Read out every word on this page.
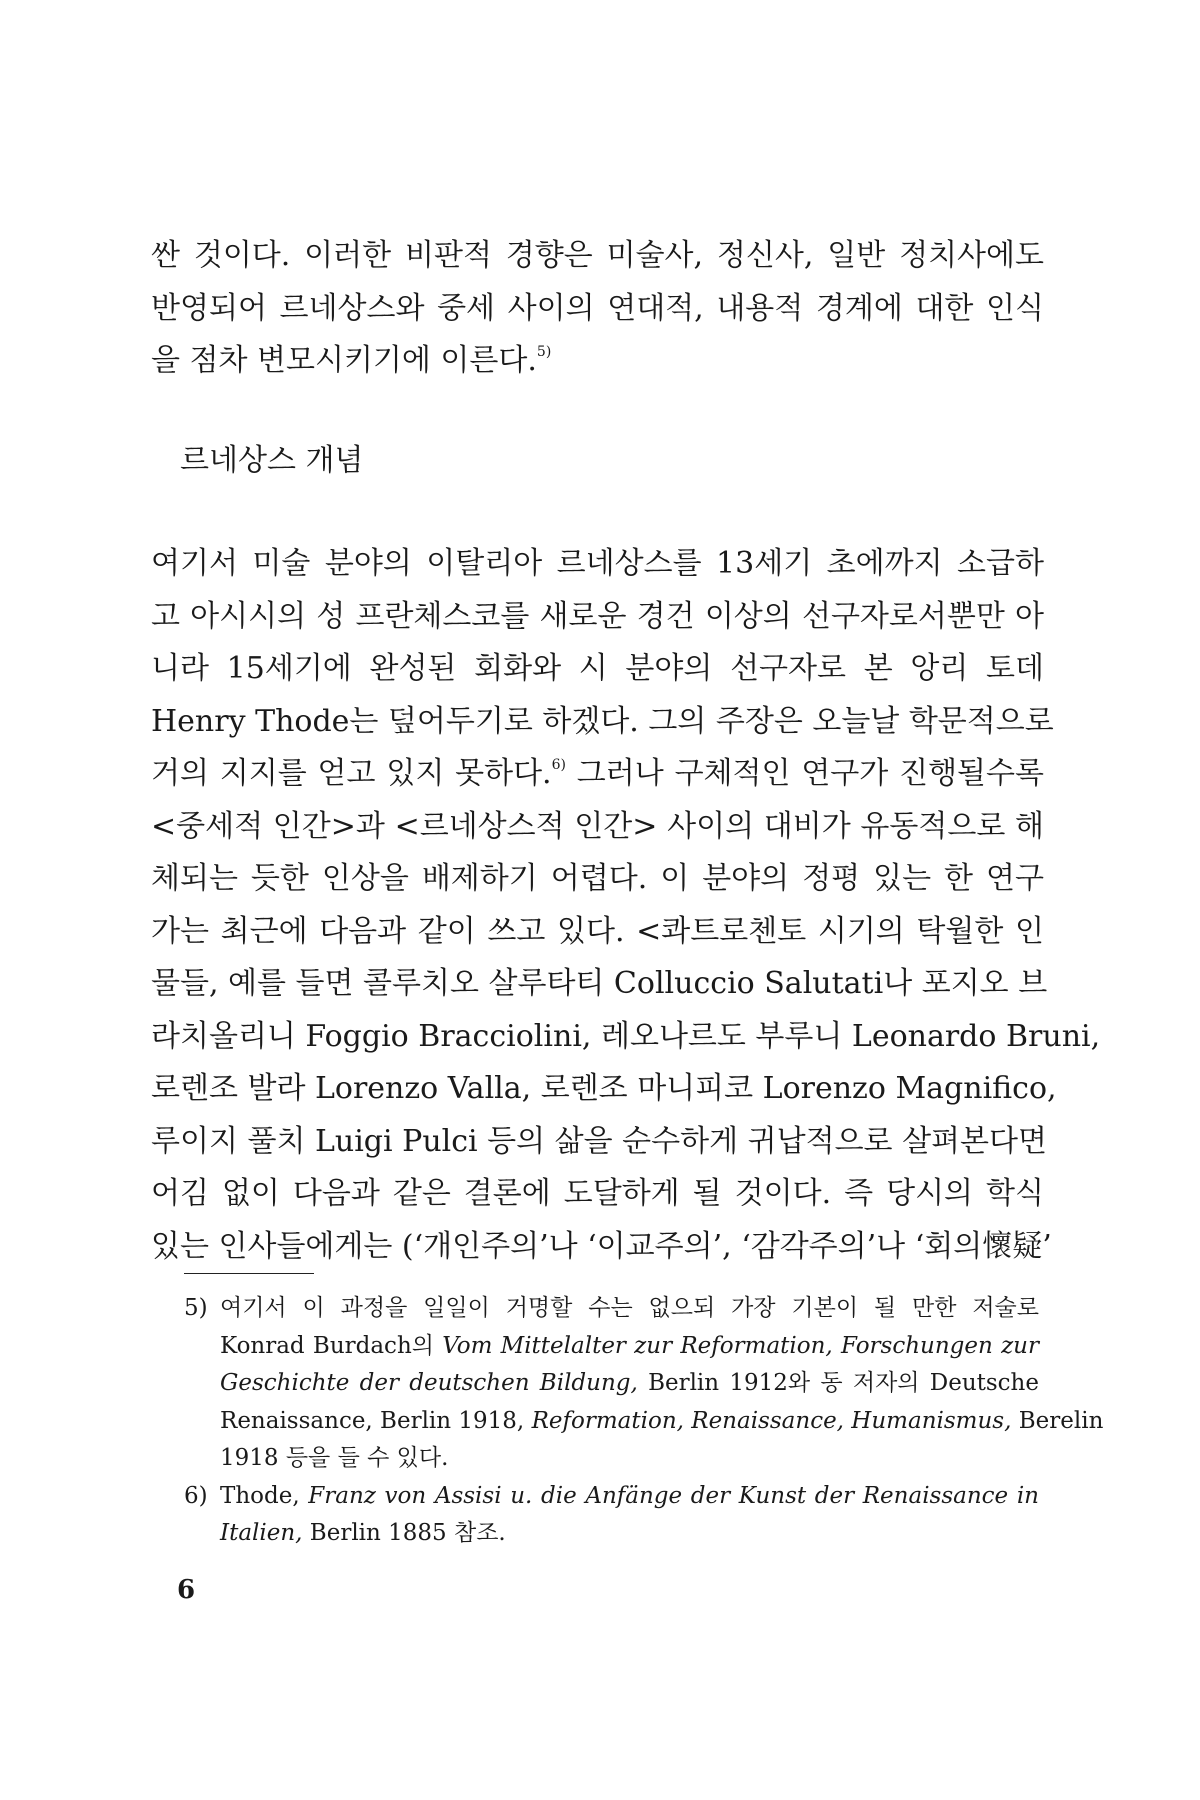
싼 것이다. 이러한 비판적 경향은 미술사, 정신사, 일반 정치사에도
반영되어 르네상스와 중세 사이의 연대적, 내용적 경계에 대한 인식
을 점차 변모시키기에 이른다.$^{5)}$

르네상스 개념

여기서 미술 분야의 이탈리아 르네상스를 13세기 초에까지 소급하
고 아시시의 성 프란체스코를 새로운 경건 이상의 선구자로서뿐만 아
니라 15세기에 완성된 회화와 시 분야의 선구자로 본 앙리 토데
Henry Thode는 덮어두기로 하겠다. 그의 주장은 오늘날 학문적으로
거의 지지를 얻고 있지 못하다.$^{6)}$ 그러나 구체적인 연구가 진행될수록
<중세적 인간>과 <르네상스적 인간> 사이의 대비가 유동적으로 해
체되는 듯한 인상을 배제하기 어렵다. 이 분야의 정평 있는 한 연구
가는 최근에 다음과 같이 쓰고 있다. <콰트로첸토 시기의 탁월한 인
물들, 예를 들면 콜루치오 살루타티 Colluccio Salutati나 포지오 브
라치올리니 Foggio Bracciolini, 레오나르도 부루니 Leonardo Bruni,
로렌조 발라 Lorenzo Valla, 로렌조 마니피코 Lorenzo Magnifico,
루이지 풀치 Luigi Pulci 등의 삶을 순수하게 귀납적으로 살펴본다면
어김 없이 다음과 같은 결론에 도달하게 될 것이다. 즉 당시의 학식
있는 인사들에게는 (‘개인주의’나 ‘이교주의’, ‘감각주의’나 ‘회의懷疑’

5) 여기서 이 과정을 일일이 거명할 수는 없으되 가장 기본이 될 만한 저술로
Konrad Burdach의 Vom Mittelalter zur Reformation, Forschungen zur
Geschichte der deutschen Bildung, Berlin 1912와 동 저자의 Deutsche
Renaissance, Berlin 1918, Reformation, Renaissance, Humanismus, Berelin
1918 등을 들 수 있다.
6) Thode, Franz von Assisi u. die Anfänge der Kunst der Renaissance in
Italien, Berlin 1885 참조.
6
